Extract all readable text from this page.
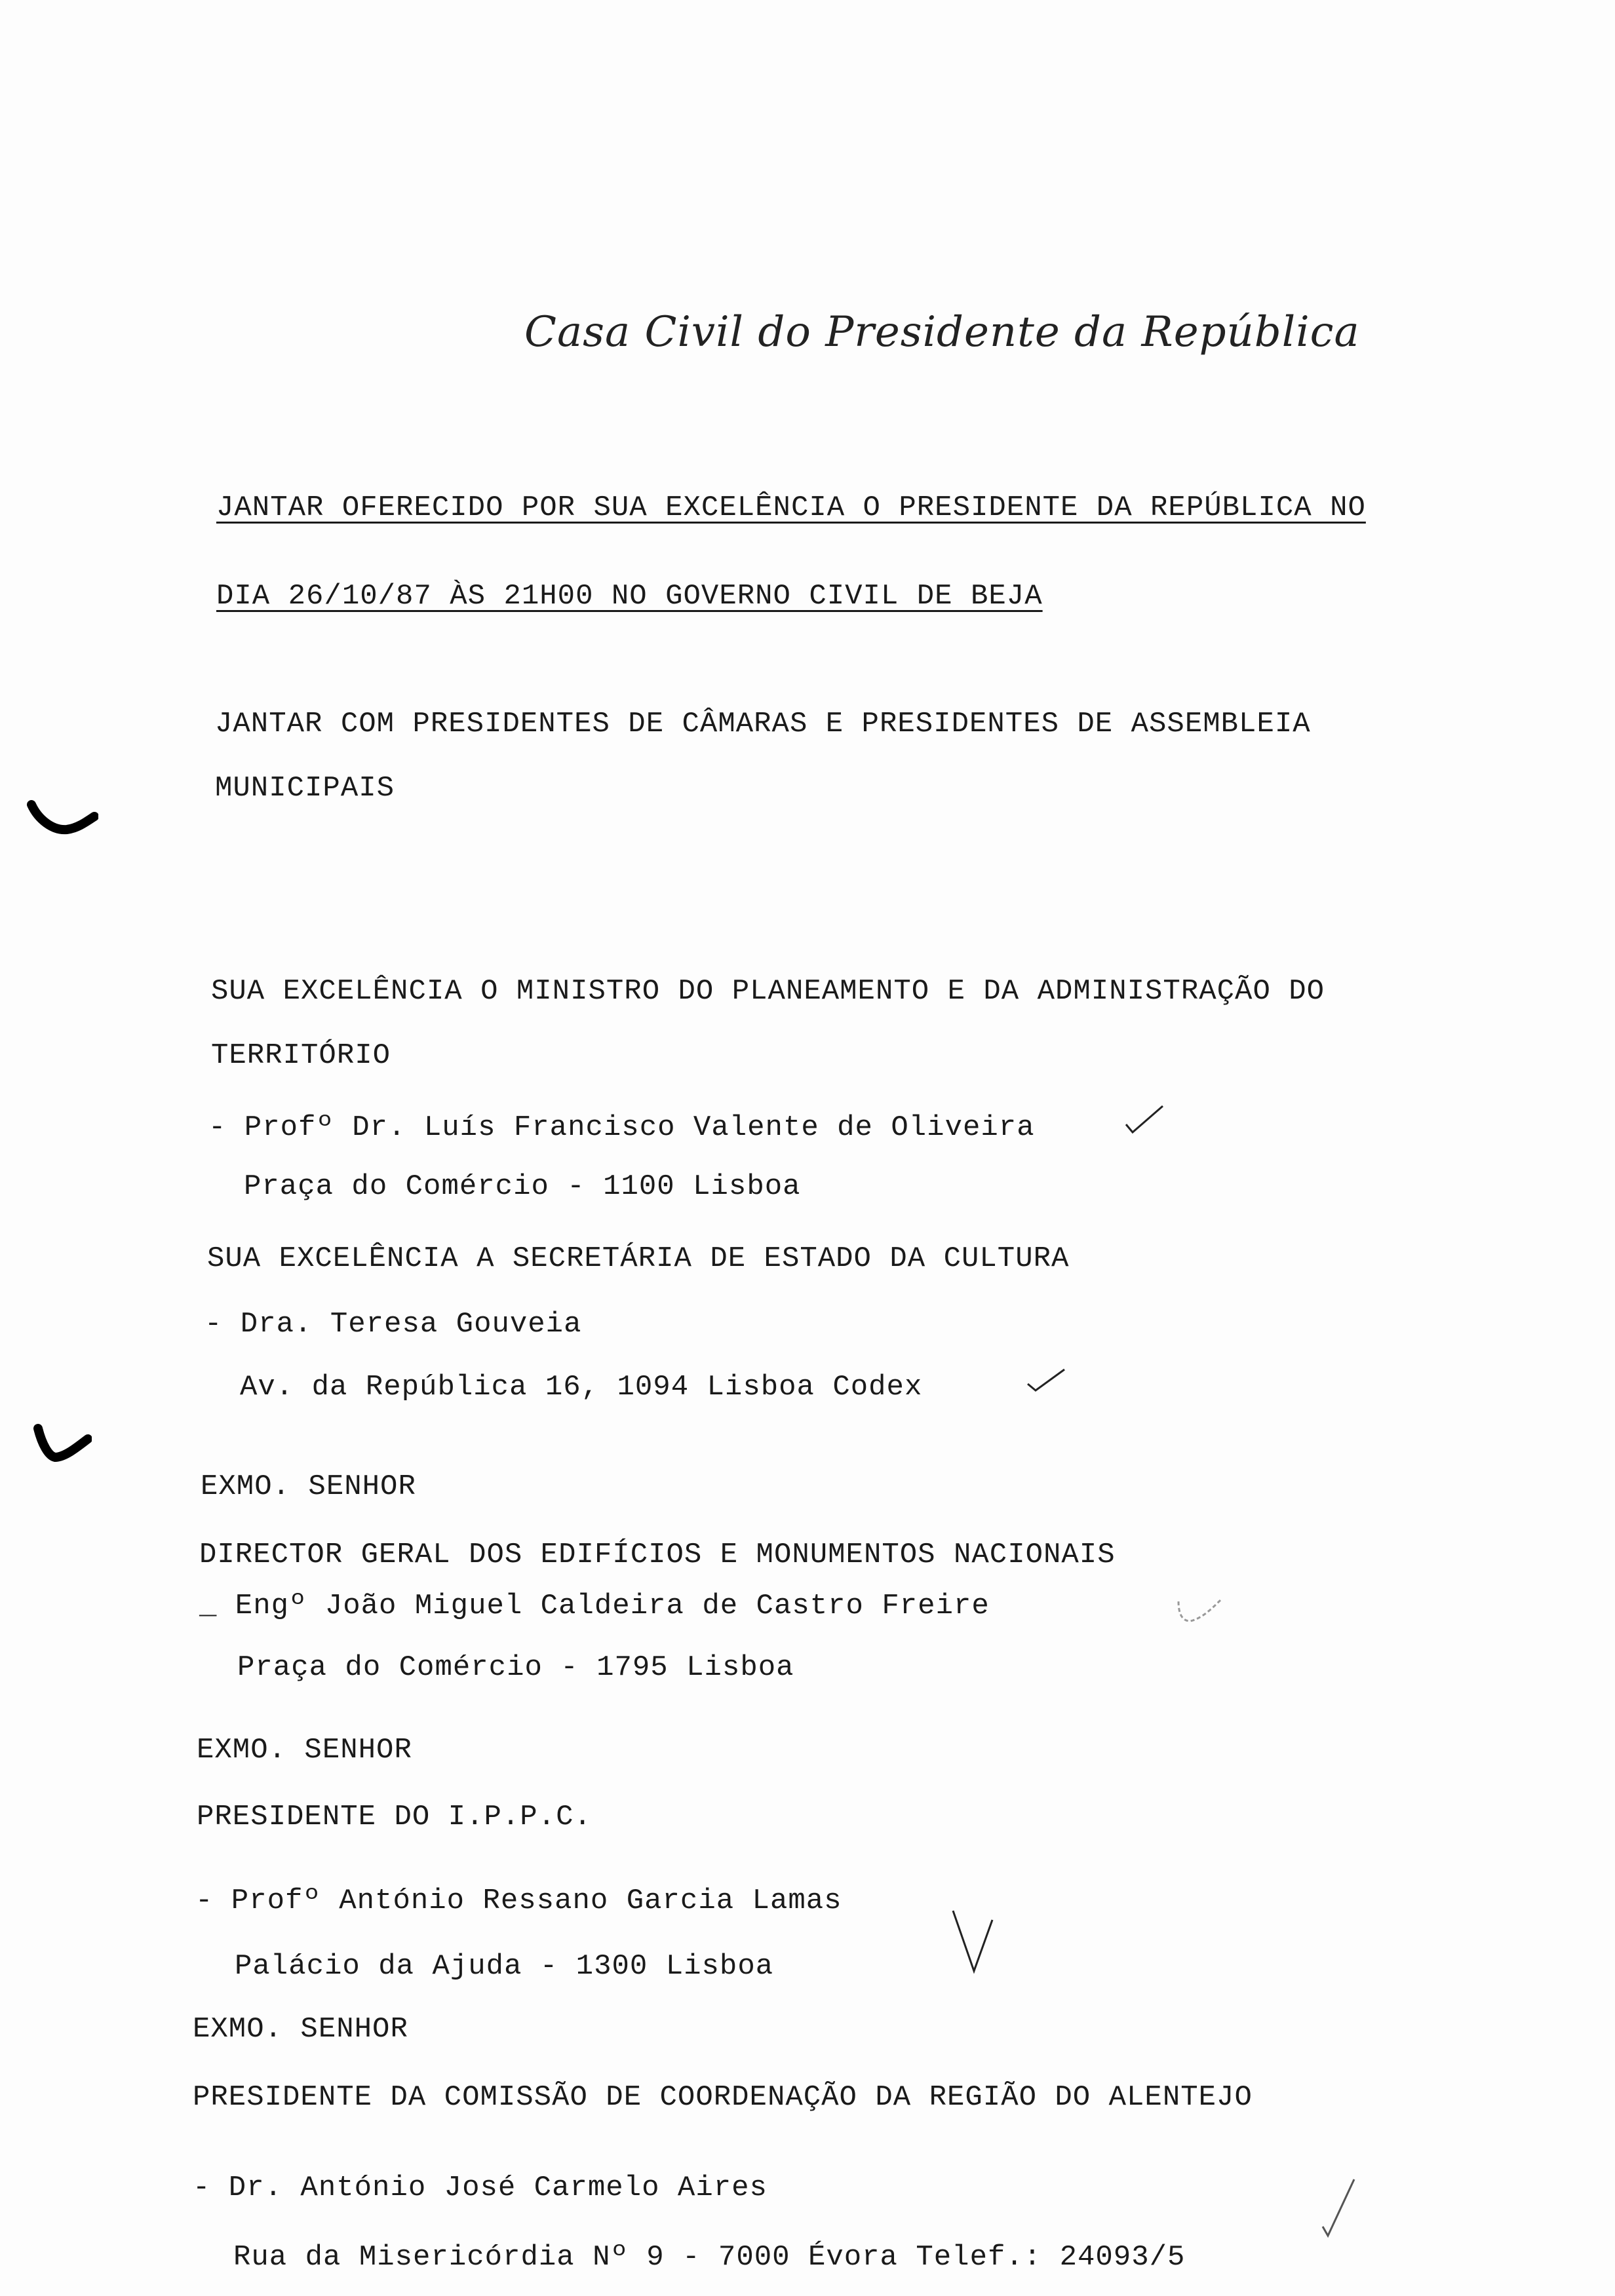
Casa Civil do Presidente da República
JANTAR OFERECIDO POR SUA EXCELÊNCIA O PRESIDENTE DA REPÚBLICA NO
DIA 26/10/87 ÀS 21H00 NO GOVERNO CIVIL DE BEJA
JANTAR COM PRESIDENTES DE CÂMARAS E PRESIDENTES DE ASSEMBLEIA
MUNICIPAIS
SUA EXCELÊNCIA O MINISTRO DO PLANEAMENTO E DA ADMINISTRAÇÃO DO
TERRITÓRIO
- Profº Dr. Luís Francisco Valente de Oliveira
Praça do Comércio - 1100 Lisboa
SUA EXCELÊNCIA A SECRETÁRIA DE ESTADO DA CULTURA
- Dra. Teresa Gouveia
Av. da República 16, 1094 Lisboa Codex
EXMO. SENHOR
DIRECTOR GERAL DOS EDIFÍCIOS E MONUMENTOS NACIONAIS
_ Engº João Miguel Caldeira de Castro Freire
Praça do Comércio - 1795 Lisboa
EXMO. SENHOR
PRESIDENTE DO I.P.P.C.
- Profº António Ressano Garcia Lamas
Palácio da Ajuda - 1300 Lisboa
EXMO. SENHOR
PRESIDENTE DA COMISSÃO DE COORDENAÇÃO DA REGIÃO DO ALENTEJO
- Dr. António José Carmelo Aires
Rua da Misericórdia Nº 9 - 7000 Évora Telef.: 24093/5
